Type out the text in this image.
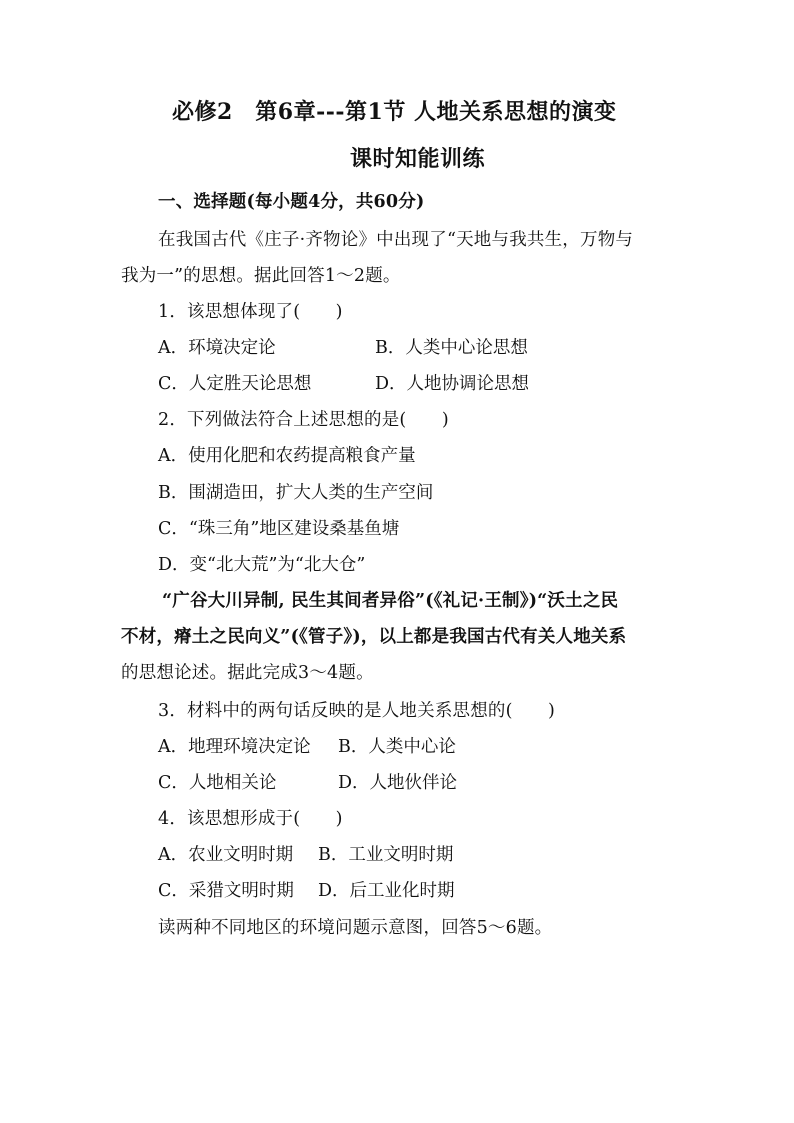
必修2　第6章---第1节 人地关系思想的演变
课时知能训练
一、选择题(每小题4分，共60分)
在我国古代《庄子·齐物论》中出现了“天地与我共生，万物与
我为一”的思想。据此回答1～2题。
1．该思想体现了(　　)
A．环境决定论	B．人类中心论思想
C．人定胜天论思想	D．人地协调论思想
2．下列做法符合上述思想的是(　　)
A．使用化肥和农药提高粮食产量
B．围湖造田，扩大人类的生产空间
C．“珠三角”地区建设桑基鱼塘
D．变“北大荒”为“北大仓”
“广谷大川异制, 民生其间者异俗”(《礼记·王制》)“沃土之民
不材，瘠土之民向义”(《管子》)，以上都是我国古代有关人地关系
的思想论述。据此完成3～4题。
3．材料中的两句话反映的是人地关系思想的(　　)
A．地理环境决定论 B．人类中心论
C．人地相关论	D．人地伙伴论
4．该思想形成于(　　)
A．农业文明时期 B．工业文明时期
C．采猎文明时期 D．后工业化时期
读两种不同地区的环境问题示意图，回答5～6题。
